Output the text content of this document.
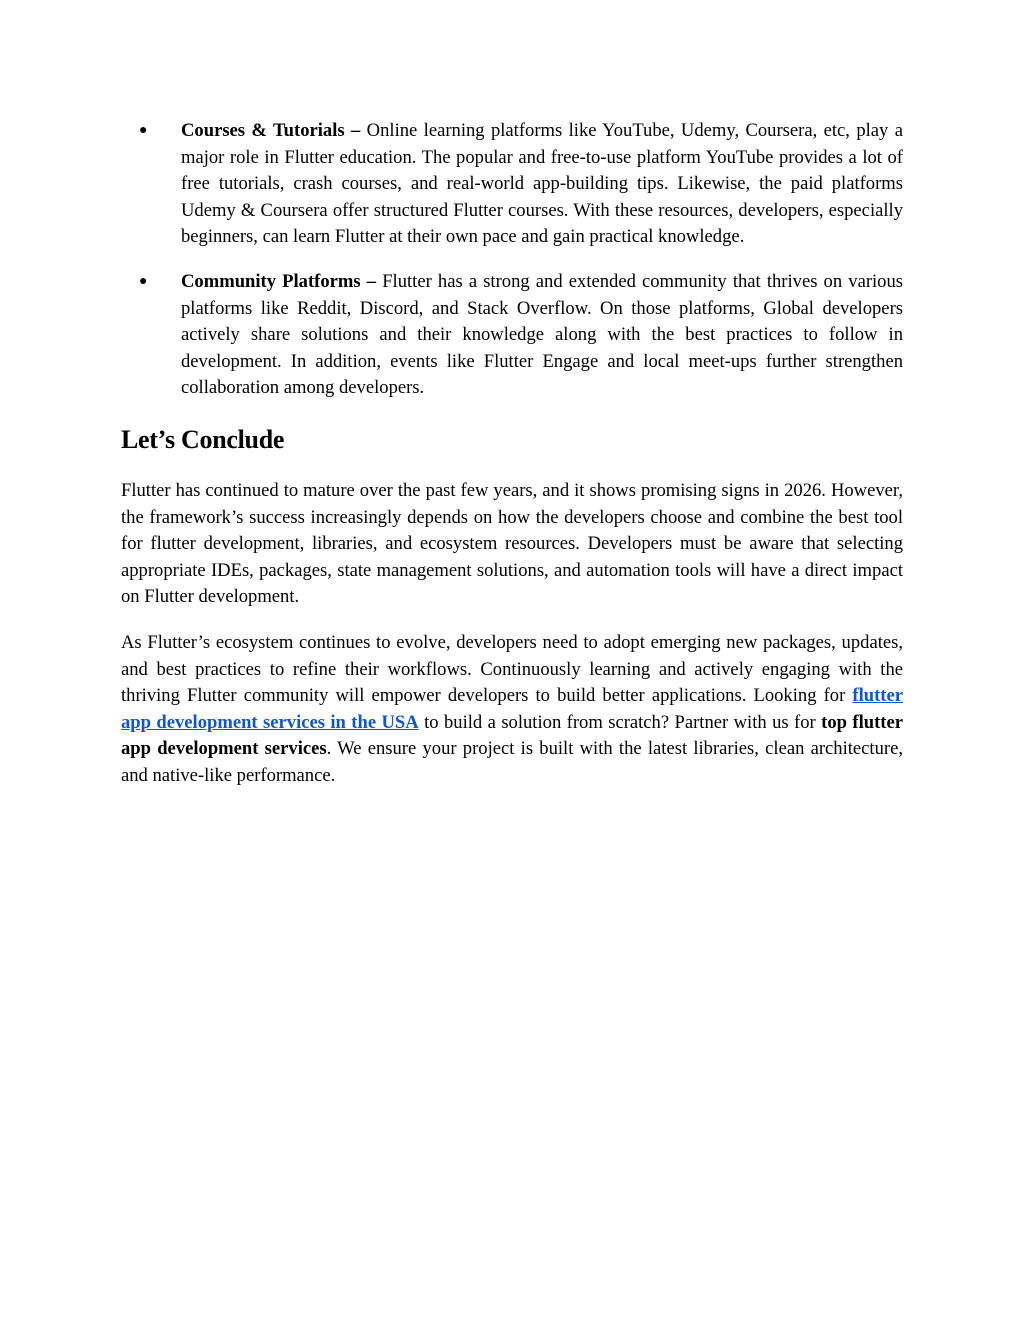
● Courses & Tutorials – Online learning platforms like YouTube, Udemy, Coursera, etc, play a major role in Flutter education. The popular and free-to-use platform YouTube provides a lot of free tutorials, crash courses, and real-world app-building tips. Likewise, the paid platforms Udemy & Coursera offer structured Flutter courses. With these resources, developers, especially beginners, can learn Flutter at their own pace and gain practical knowledge.
● Community Platforms – Flutter has a strong and extended community that thrives on various platforms like Reddit, Discord, and Stack Overflow. On those platforms, Global developers actively share solutions and their knowledge along with the best practices to follow in development. In addition, events like Flutter Engage and local meet-ups further strengthen collaboration among developers.
Let’s Conclude

Flutter has continued to mature over the past few years, and it shows promising signs in 2026. However, the framework’s success increasingly depends on how the developers choose and combine the best tool for flutter development, libraries, and ecosystem resources. Developers must be aware that selecting appropriate IDEs, packages, state management solutions, and automation tools will have a direct impact on Flutter development.

As Flutter’s ecosystem continues to evolve, developers need to adopt emerging new packages, updates, and best practices to refine their workflows. Continuously learning and actively engaging with the thriving Flutter community will empower developers to build better applications. Looking for flutter app development services in the USA to build a solution from scratch? Partner with us for top flutter app development services. We ensure your project is built with the latest libraries, clean architecture, and native-like performance.
